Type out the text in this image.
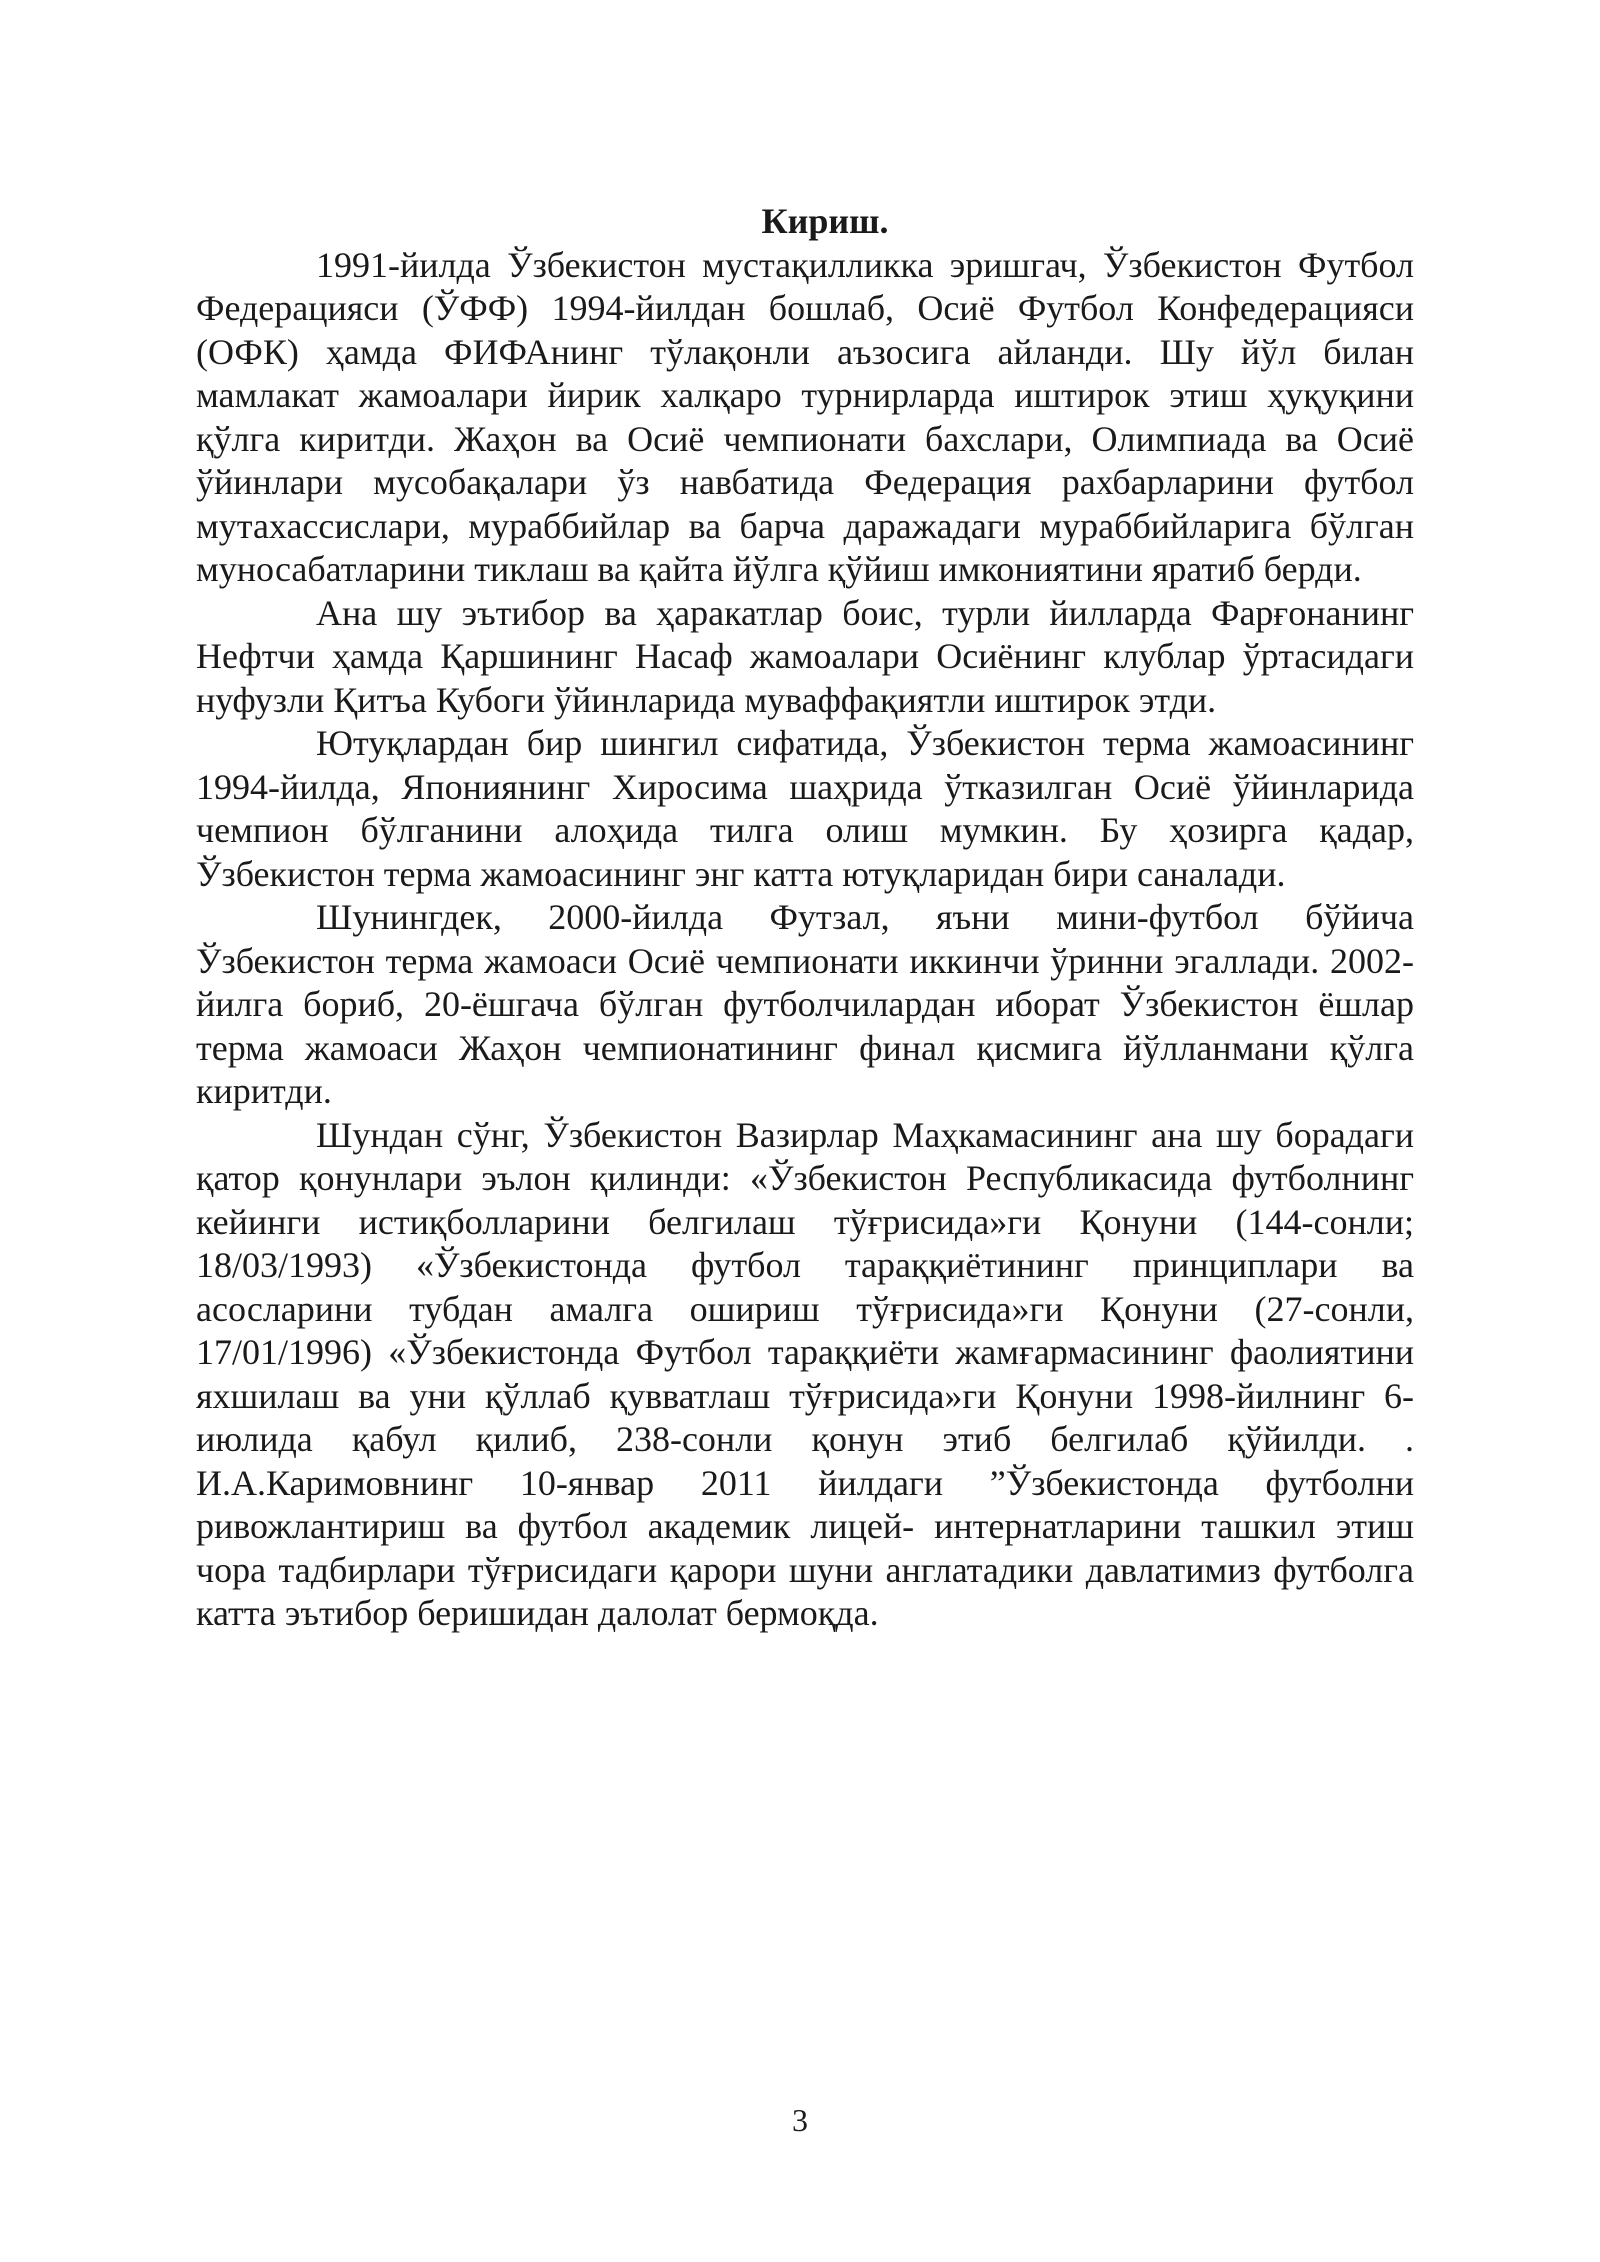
Кириш.

1991-йилда Ўзбекистон мустақилликка эришгач, Ўзбекистон Футбол Федерацияси (ЎФФ) 1994-йилдан бошлаб, Осиё Футбол Конфедерацияси (ОФК) ҳамда ФИФАнинг тўлақонли аъзосига айланди. Шу йўл билан мамлакат жамоалари йирик халқаро турнирларда иштирок этиш ҳуқуқини қўлга киритди. Жаҳон ва Осиё чемпионати бахслари, Олимпиада ва Осиё ўйинлари мусобақалари ўз навбатида Федерация рахбарларини футбол мутахассислари, мураббийлар ва барча даражадаги мураббийларига бўлган муносабатларини тиклаш ва қайта йўлга қўйиш имкониятини яратиб берди.

Ана шу эътибор ва ҳаракатлар боис, турли йилларда Фарғонанинг Нефтчи ҳамда Қаршининг Насаф жамоалари Осиёнинг клублар ўртасидаги нуфузли Қитъа Кубоги ўйинларида муваффақиятли иштирок этди.

Ютуқлардан бир шингил сифатида, Ўзбекистон терма жамоасининг 1994-йилда, Япониянинг Хиросима шаҳрида ўтказилган Осиё ўйинларида чемпион бўлганини алоҳида тилга олиш мумкин. Бу ҳозирга қадар, Ўзбекистон терма жамоасининг энг катта ютуқларидан бири саналади.

Шунингдек, 2000-йилда Футзал, яъни мини-футбол бўйича Ўзбекистон терма жамоаси Осиё чемпионати иккинчи ўринни эгаллади. 2002-йилга бориб, 20-ёшгача бўлган футболчилардан иборат Ўзбекистон ёшлар терма жамоаси Жаҳон чемпионатининг финал қисмига йўлланмани қўлга киритди.

Шундан сўнг, Ўзбекистон Вазирлар Маҳкамасининг ана шу борадаги қатор қонунлари эълон қилинди: «Ўзбекистон Республикасида футболнинг кейинги истиқболларини белгилаш тўғрисида»ги Қонуни (144-сонли; 18/03/1993) «Ўзбекистонда футбол тараққиётининг принциплари ва асосларини тубдан амалга ошириш тўғрисида»ги Қонуни (27-сонли, 17/01/1996) «Ўзбекистонда Футбол тараққиёти жамғармасининг фаолиятини яхшилаш ва уни қўллаб қувватлаш тўғрисида»ги Қонуни 1998-йилнинг 6-июлида қабул қилиб, 238-сонли қонун этиб белгилаб қўйилди. . И.А.Каримовнинг 10-январ 2011 йилдаги ”Ўзбекистонда футболни ривожлантириш ва футбол академик лицей- интернатларини ташкил этиш чора тадбирлари тўғрисидаги қарори шуни англатадики давлатимиз футболга катта эътибор беришидан далолат бермоқда.

3
